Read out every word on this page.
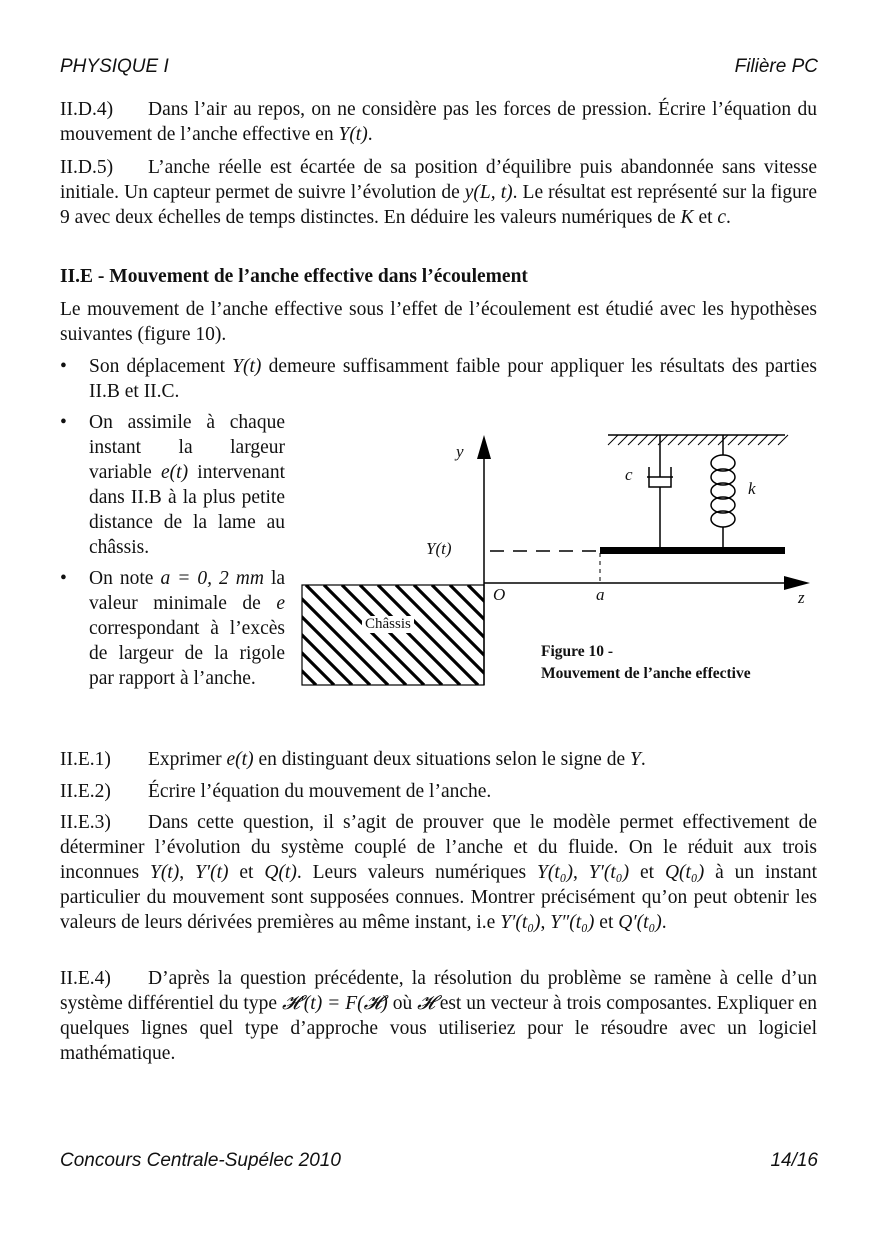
PHYSIQUE I	Filière PC
II.D.4) Dans l’air au repos, on ne considère pas les forces de pression. Écrire l’équation du mouvement de l’anche effective en Y(t).
II.D.5) L’anche réelle est écartée de sa position d’équilibre puis abandonnée sans vitesse initiale. Un capteur permet de suivre l’évolution de y(L, t). Le résultat est représenté sur la figure 9 avec deux échelles de temps distinctes. En déduire les valeurs numériques de K et c.
II.E - Mouvement de l’anche effective dans l’écoulement
Le mouvement de l’anche effective sous l’effet de l’écoulement est étudié avec les hypothèses suivantes (figure 10).
• Son déplacement Y(t) demeure suffisamment faible pour appliquer les résultats des parties II.B et II.C.
• On assimile à chaque instant la largeur variable e(t) intervenant dans II.B à la plus petite distance de la lame au châssis.
• On note a = 0, 2 mm la valeur minimale de e correspondant à l’excès de largeur de la rigole par rapport à l’anche.
y
z
O	a
Y(t)
c
k
Châssis
Figure 10 -
Mouvement de l’anche effective
II.E.1) Exprimer e(t) en distinguant deux situations selon le signe de Y.
II.E.2) Écrire l’équation du mouvement de l’anche.
II.E.3) Dans cette question, il s’agit de prouver que le modèle permet effectivement de déterminer l’évolution du système couplé de l’anche et du fluide. On le réduit aux trois inconnues Y(t), Y′(t) et Q(t). Leurs valeurs numériques Y(t₀), Y′(t₀) et Q(t₀) à un instant particulier du mouvement sont supposées connues. Montrer précisément qu’on peut obtenir les valeurs de leurs dérivées premières au même instant, i.e Y′(t₀), Y″(t₀) et Q′(t₀).
II.E.4) D’après la question précédente, la résolution du problème se ramène à celle d’un système différentiel du type 𝓗′(t) = F(𝓗) où 𝓗 est un vecteur à trois composantes. Expliquer en quelques lignes quel type d’approche vous utiliseriez pour le résoudre avec un logiciel mathématique.
Concours Centrale-Supélec 2010	14/16
